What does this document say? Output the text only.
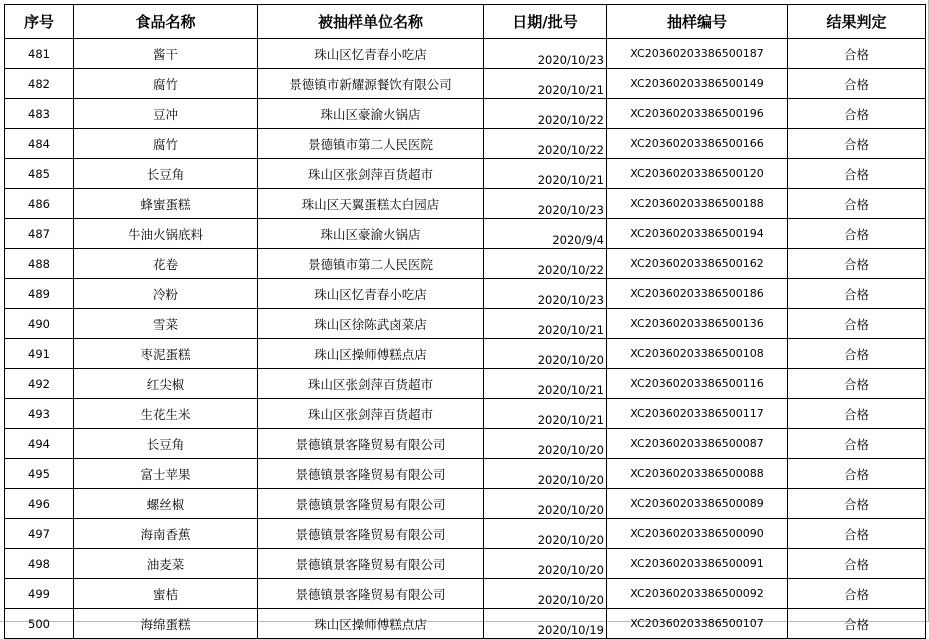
序号	食品名称	被抽样单位名称	日期/批号	抽样编号	结果判定
481	酱干	珠山区忆青春小吃店	2020/10/23	XC20360203386500187	合格
482	腐竹	景德镇市新耀源餐饮有限公司	2020/10/21	XC20360203386500149	合格
483	豆冲	珠山区豪渝火锅店	2020/10/22	XC20360203386500196	合格
484	腐竹	景德镇市第二人民医院	2020/10/22	XC20360203386500166	合格
485	长豆角	珠山区张剑萍百货超市	2020/10/21	XC20360203386500120	合格
486	蜂蜜蛋糕	珠山区天翼蛋糕太白园店	2020/10/23	XC20360203386500188	合格
487	牛油火锅底料	珠山区豪渝火锅店	2020/9/4	XC20360203386500194	合格
488	花卷	景德镇市第二人民医院	2020/10/22	XC20360203386500162	合格
489	冷粉	珠山区忆青春小吃店	2020/10/23	XC20360203386500186	合格
490	雪菜	珠山区徐陈武卤菜店	2020/10/21	XC20360203386500136	合格
491	枣泥蛋糕	珠山区操师傅糕点店	2020/10/20	XC20360203386500108	合格
492	红尖椒	珠山区张剑萍百货超市	2020/10/21	XC20360203386500116	合格
493	生花生米	珠山区张剑萍百货超市	2020/10/21	XC20360203386500117	合格
494	长豆角	景德镇景客隆贸易有限公司	2020/10/20	XC20360203386500087	合格
495	富士苹果	景德镇景客隆贸易有限公司	2020/10/20	XC20360203386500088	合格
496	螺丝椒	景德镇景客隆贸易有限公司	2020/10/20	XC20360203386500089	合格
497	海南香蕉	景德镇景客隆贸易有限公司	2020/10/20	XC20360203386500090	合格
498	油麦菜	景德镇景客隆贸易有限公司	2020/10/20	XC20360203386500091	合格
499	蜜桔	景德镇景客隆贸易有限公司	2020/10/20	XC20360203386500092	合格
500	海绵蛋糕	珠山区操师傅糕点店	2020/10/19	XC20360203386500107	合格
